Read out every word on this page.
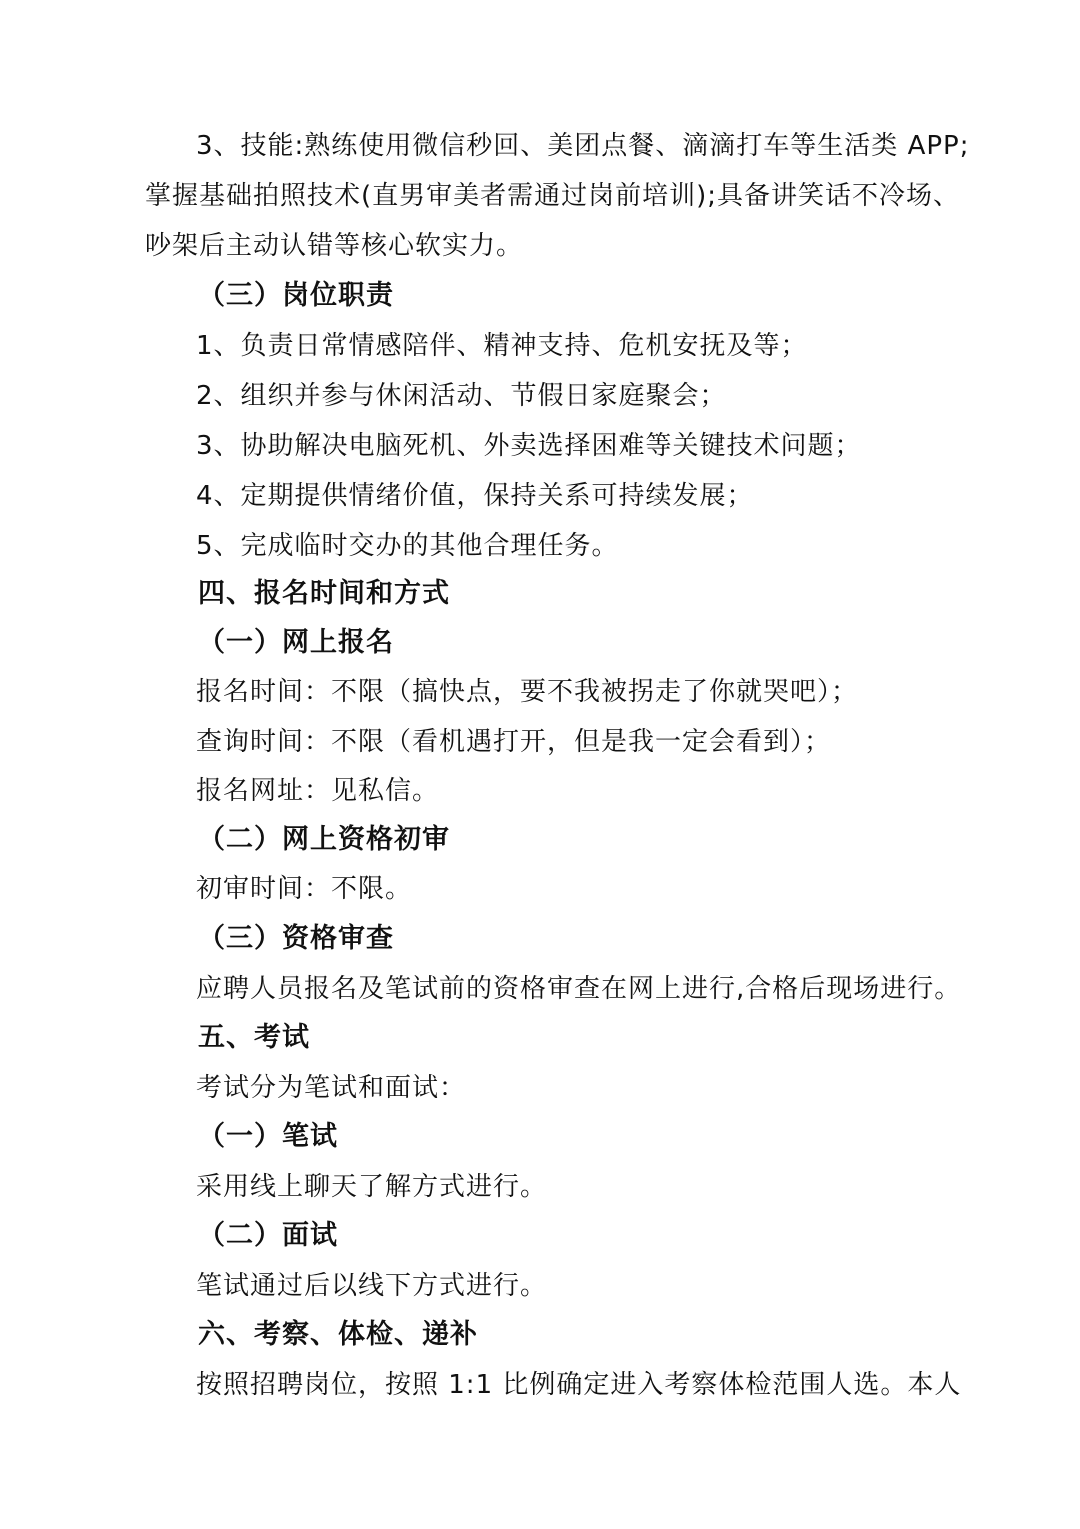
3、技能:熟练使用微信秒回、美团点餐、滴滴打车等生活类 APP;
掌握基础拍照技术(直男审美者需通过岗前培训);具备讲笑话不冷场、
吵架后主动认错等核心软实力。
（三）岗位职责
1、负责日常情感陪伴、精神支持、危机安抚及等；
2、组织并参与休闲活动、节假日家庭聚会；
3、协助解决电脑死机、外卖选择困难等关键技术问题；
4、定期提供情绪价值，保持关系可持续发展；
5、完成临时交办的其他合理任务。
四、报名时间和方式
（一）网上报名
报名时间：不限（搞快点，要不我被拐走了你就哭吧）；
查询时间：不限（看机遇打开，但是我一定会看到）；
报名网址：见私信。
（二）网上资格初审
初审时间：不限。
（三）资格审查
应聘人员报名及笔试前的资格审查在网上进行,合格后现场进行。
五、考试
考试分为笔试和面试：
（一）笔试
采用线上聊天了解方式进行。
（二）面试
笔试通过后以线下方式进行。
六、考察、体检、递补
按照招聘岗位，按照 1:1 比例确定进入考察体检范围人选。本人
